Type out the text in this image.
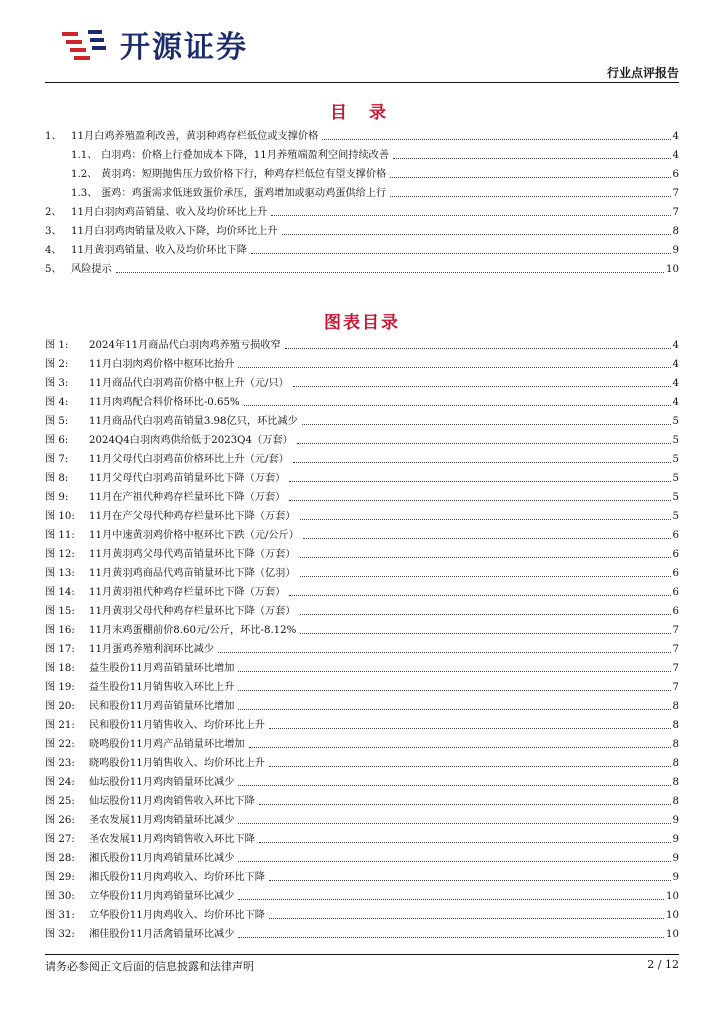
开源证券
行业点评报告
目 录
1、 11月白鸡养殖盈利改善，黄羽种鸡存栏低位或支撑价格	4
1.1、 白羽鸡：价格上行叠加成本下降，11月养殖端盈利空间持续改善	4
1.2、 黄羽鸡：短期抛售压力致价格下行，种鸡存栏低位有望支撑价格	6
1.3、 蛋鸡：鸡蛋需求低迷致蛋价承压，蛋鸡增加或驱动鸡蛋供给上行	7
2、 11月白羽肉鸡苗销量、收入及均价环比上升	7
3、 11月白羽鸡肉销量及收入下降，均价环比上升	8
4、 11月黄羽鸡销量、收入及均价环比下降	9
5、 风险提示	10
图表目录
图 1: 2024年11月商品代白羽肉鸡养殖亏损收窄	4
图 2: 11月白羽肉鸡价格中枢环比抬升	4
图 3: 11月商品代白羽鸡苗价格中枢上升（元/只）	4
图 4: 11月肉鸡配合料价格环比-0.65%	4
图 5: 11月商品代白羽鸡苗销量3.98亿只，环比减少	5
图 6: 2024Q4白羽肉鸡供给低于2023Q4（万套）	5
图 7: 11月父母代白羽鸡苗价格环比上升（元/套）	5
图 8: 11月父母代白羽鸡苗销量环比下降（万套）	5
图 9: 11月在产祖代种鸡存栏量环比下降（万套）	5
图 10: 11月在产父母代种鸡存栏量环比下降（万套）	5
图 11: 11月中速黄羽鸡价格中枢环比下跌（元/公斤）	6
图 12: 11月黄羽鸡父母代鸡苗销量环比下降（万套）	6
图 13: 11月黄羽鸡商品代鸡苗销量环比下降（亿羽）	6
图 14: 11月黄羽祖代种鸡存栏量环比下降（万套）	6
图 15: 11月黄羽父母代种鸡存栏量环比下降（万套）	6
图 16: 11月末鸡蛋棚前价8.60元/公斤，环比-8.12%	7
图 17: 11月蛋鸡养殖利润环比减少	7
图 18: 益生股份11月鸡苗销量环比增加	7
图 19: 益生股份11月销售收入环比上升	7
图 20: 民和股份11月鸡苗销量环比增加	8
图 21: 民和股份11月销售收入、均价环比上升	8
图 22: 晓鸣股份11月鸡产品销量环比增加	8
图 23: 晓鸣股份11月销售收入、均价环比上升	8
图 24: 仙坛股份11月鸡肉销量环比减少	8
图 25: 仙坛股份11月鸡肉销售收入环比下降	8
图 26: 圣农发展11月鸡肉销量环比减少	9
图 27: 圣农发展11月鸡肉销售收入环比下降	9
图 28: 湘氏股份11月肉鸡销量环比减少	9
图 29: 湘氏股份11月肉鸡收入、均价环比下降	9
图 30: 立华股份11月肉鸡销量环比减少	10
图 31: 立华股份11月肉鸡收入、均价环比下降	10
图 32: 湘佳股份11月活禽销量环比减少	10
请务必参阅正文后面的信息披露和法律声明	2 / 12
